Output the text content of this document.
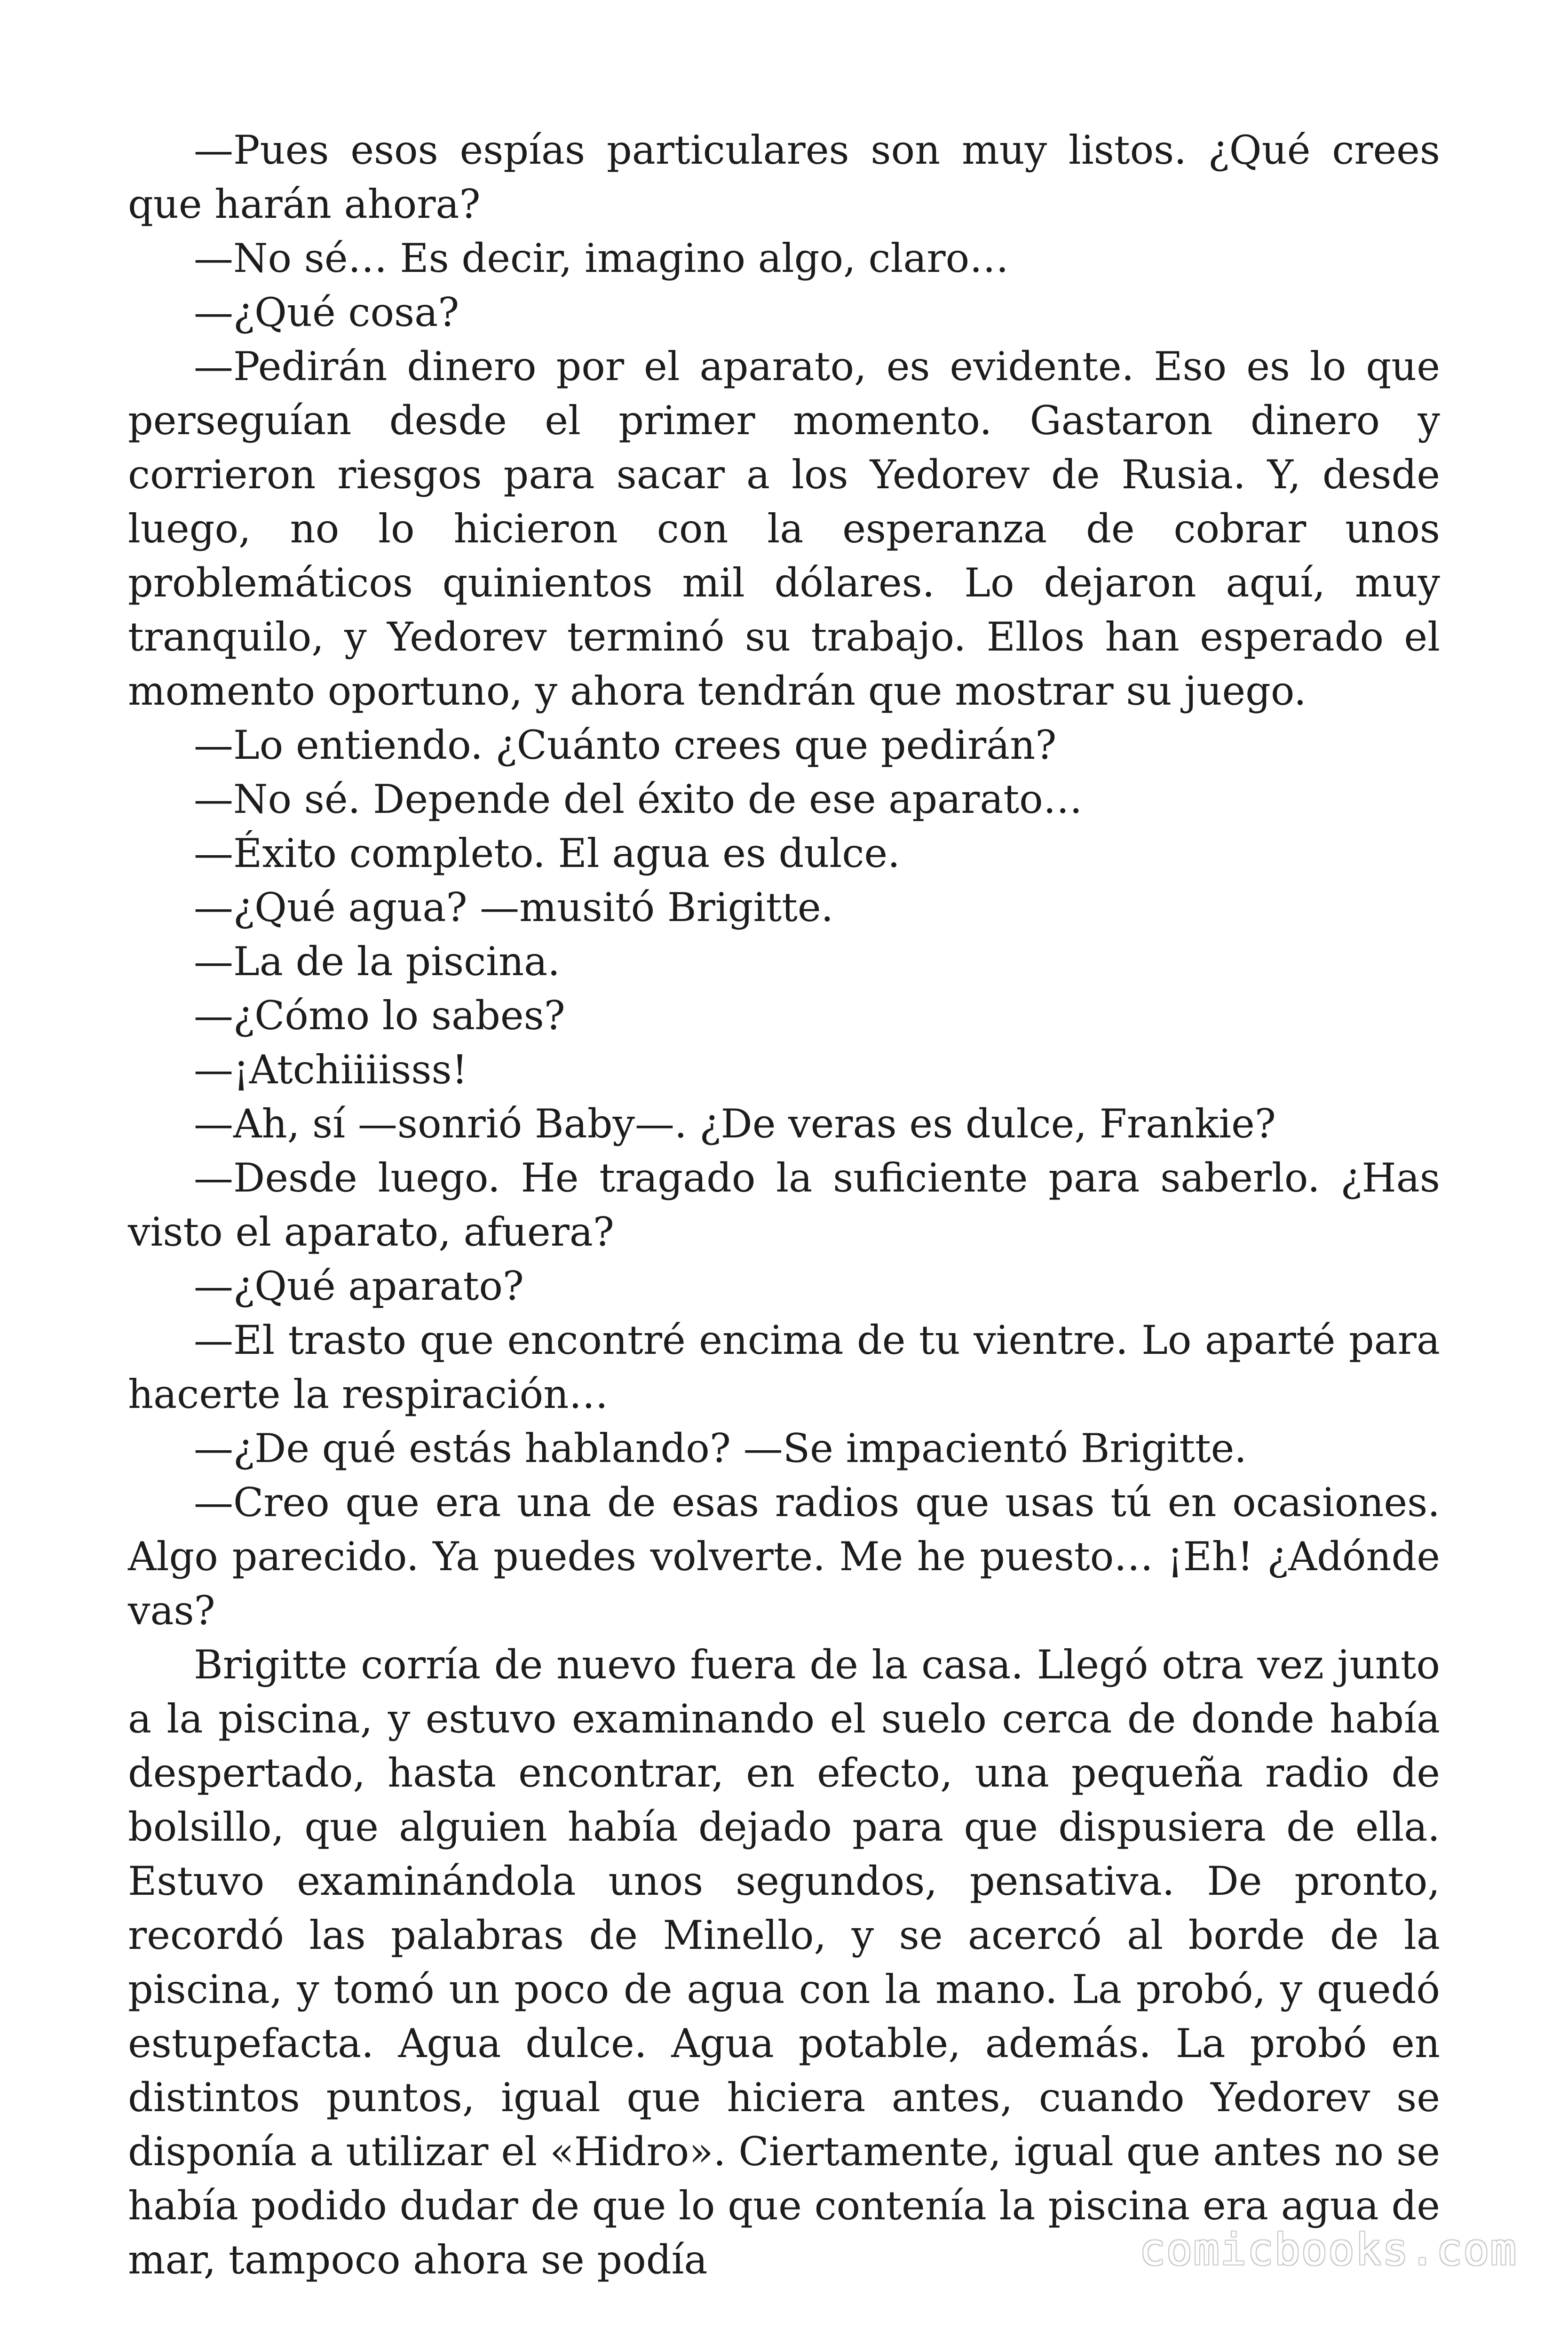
—Pues esos espías particulares son muy listos. ¿Qué crees que harán ahora?

—No sé… Es decir, imagino algo, claro…

—¿Qué cosa?

—Pedirán dinero por el aparato, es evidente. Eso es lo que perseguían desde el primer momento. Gastaron dinero y corrieron riesgos para sacar a los Yedorev de Rusia. Y, desde luego, no lo hicieron con la esperanza de cobrar unos problemáticos quinientos mil dólares. Lo dejaron aquí, muy tranquilo, y Yedorev terminó su trabajo. Ellos han esperado el momento oportuno, y ahora tendrán que mostrar su juego.

—Lo entiendo. ¿Cuánto crees que pedirán?

—No sé. Depende del éxito de ese aparato…

—Éxito completo. El agua es dulce.

—¿Qué agua? —musitó Brigitte.

—La de la piscina.

—¿Cómo lo sabes?

—¡Atchiiiisss!

—Ah, sí —sonrió Baby—. ¿De veras es dulce, Frankie?

—Desde luego. He tragado la suficiente para saberlo. ¿Has visto el aparato, afuera?

—¿Qué aparato?

—El trasto que encontré encima de tu vientre. Lo aparté para hacerte la respiración…

—¿De qué estás hablando? —Se impacientó Brigitte.

—Creo que era una de esas radios que usas tú en ocasiones. Algo parecido. Ya puedes volverte. Me he puesto… ¡Eh! ¿Adónde vas?

Brigitte corría de nuevo fuera de la casa. Llegó otra vez junto a la piscina, y estuvo examinando el suelo cerca de donde había despertado, hasta encontrar, en efecto, una pequeña radio de bolsillo, que alguien había dejado para que dispusiera de ella. Estuvo examinándola unos segundos, pensativa. De pronto, recordó las palabras de Minello, y se acercó al borde de la piscina, y tomó un poco de agua con la mano. La probó, y quedó estupefacta. Agua dulce. Agua potable, además. La probó en distintos puntos, igual que hiciera antes, cuando Yedorev se disponía a utilizar el «Hidro». Ciertamente, igual que antes no se había podido dudar de que lo que contenía la piscina era agua de mar, tampoco ahora se podía	comicbooks.com
